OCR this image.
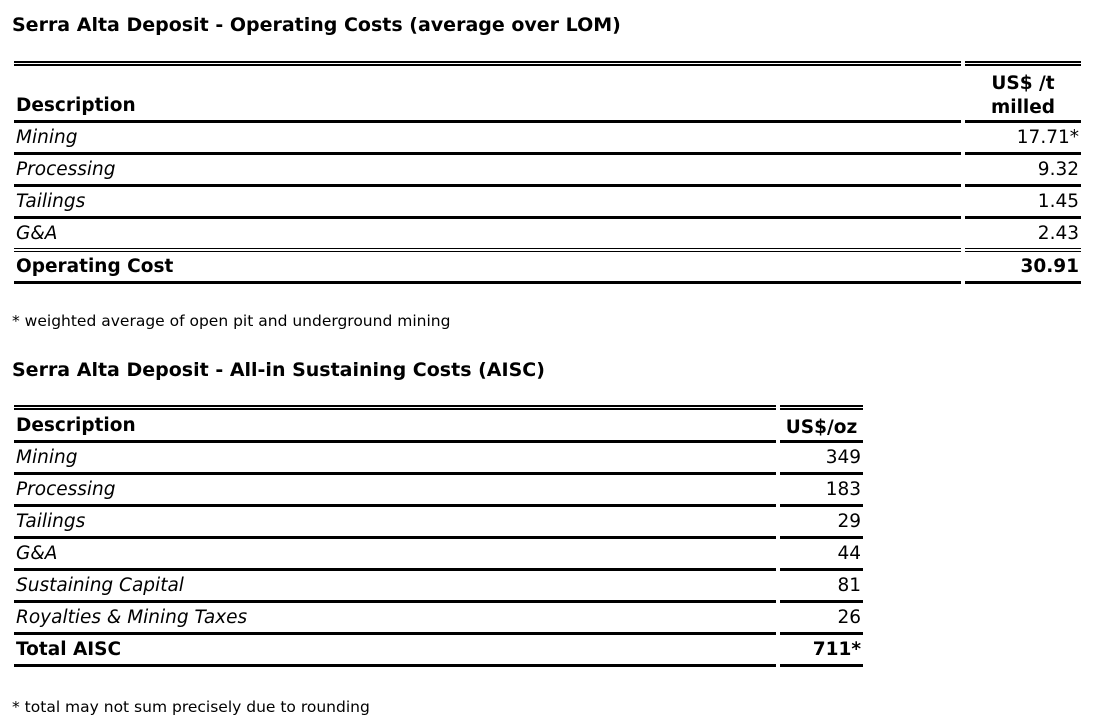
Serra Alta Deposit - Operating Costs (average over LOM)
Description	US$ /t
milled
Mining	17.71*
Processing	9.32
Tailings	1.45
G&A	2.43
Operating Cost	30.91
* weighted average of open pit and underground mining
Serra Alta Deposit - All-in Sustaining Costs (AISC)
Description	US$/oz
Mining	349
Processing	183
Tailings	29
G&A	44
Sustaining Capital	81
Royalties & Mining Taxes	26
Total AISC	711*
* total may not sum precisely due to rounding
